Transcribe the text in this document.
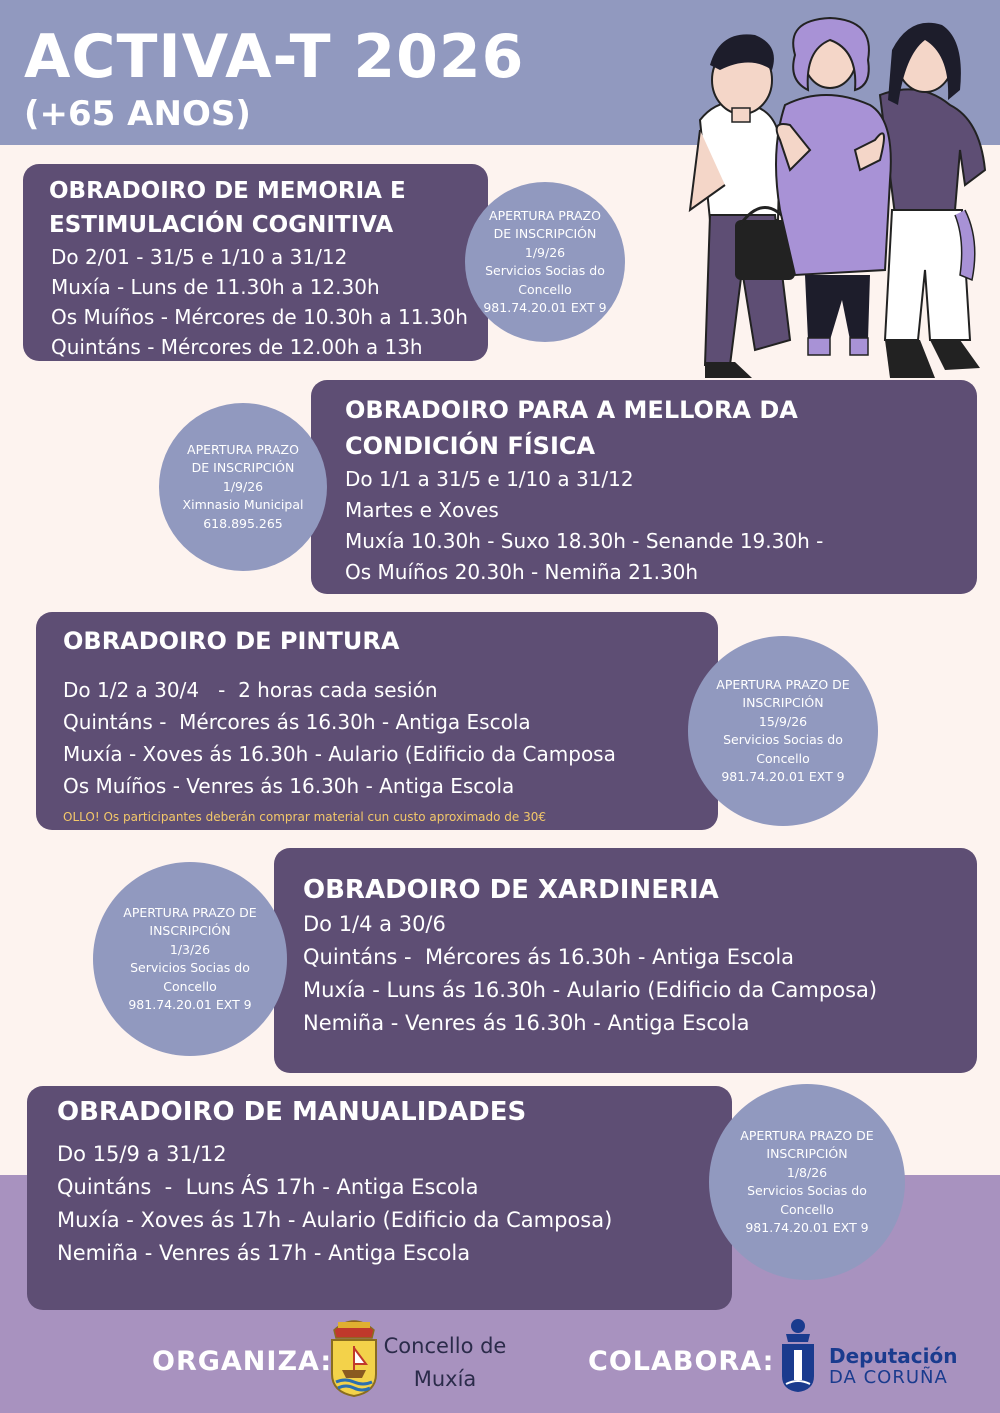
ACTIVA-T 2026
(+65 ANOS)
OBRADOIRO DE MEMORIA E
ESTIMULACIÓN COGNITIVA

Do 2/01 - 31/5 e 1/10 a 31/12

Muxía - Luns de 11.30h a 12.30h

Os Muíños - Mércores de 10.30h a 11.30h

Quintáns - Mércores de 12.00h a 13h

APERTURA PRAZO
DE INSCRIPCIÓN
1/9/26
Servicios Socias do
Concello
981.74.20.01 EXT 9
OBRADOIRO PARA A MELLORA DA
CONDICIÓN FÍSICA

Do 1/1 a 31/5 e 1/10 a 31/12

Martes e Xoves

Muxía 10.30h - Suxo 18.30h - Senande 19.30h -

Os Muíños 20.30h - Nemiña 21.30h

APERTURA PRAZO
DE INSCRIPCIÓN
1/9/26
Ximnasio Municipal
618.895.265
OBRADOIRO DE PINTURA

Do 1/2 a 30/4   -  2 horas cada sesión

Quintáns -  Mércores ás 16.30h - Antiga Escola

Muxía - Xoves ás 16.30h - Aulario (Edificio da Camposa

Os Muíños - Venres ás 16.30h - Antiga Escola

OLLO! Os participantes deberán comprar material cun custo aproximado de 30€
APERTURA PRAZO DE
INSCRIPCIÓN
15/9/26
Servicios Socias do
Concello
981.74.20.01 EXT 9
OBRADOIRO DE XARDINERIA

Do 1/4 a 30/6

Quintáns -  Mércores ás 16.30h - Antiga Escola

Muxía - Luns ás 16.30h - Aulario (Edificio da Camposa)

Nemiña - Venres ás 16.30h - Antiga Escola

APERTURA PRAZO DE
INSCRIPCIÓN
1/3/26
Servicios Socias do
Concello
981.74.20.01 EXT 9
OBRADOIRO DE MANUALIDADES

Do 15/9 a 31/12

Quintáns  -  Luns ÁS 17h - Antiga Escola

Muxía - Xoves ás 17h - Aulario (Edificio da Camposa)

Nemiña - Venres ás 17h - Antiga Escola

APERTURA PRAZO DE
INSCRIPCIÓN
1/8/26
Servicios Socias do
Concello
981.74.20.01 EXT 9
ORGANIZA: Concello de
Muxía
COLABORA:	Deputación
DA CORUÑA
